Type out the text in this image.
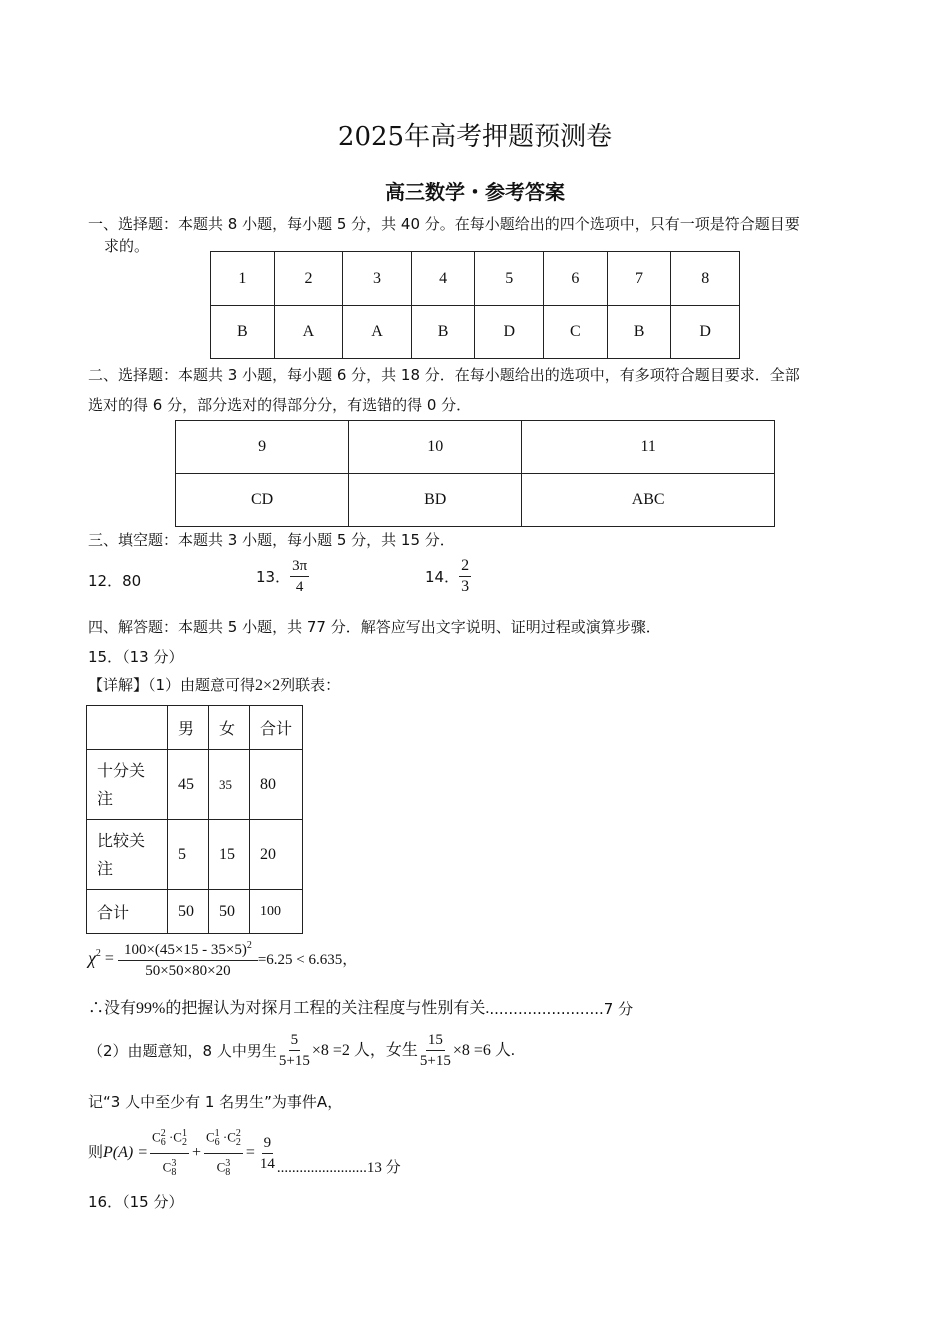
2025年高考押题预测卷
高三数学・参考答案
一、选择题：本题共 8 小题，每小题 5 分，共 40 分。在每小题给出的四个选项中，只有一项是符合题目要
求的。
1	2	3	4	5	6	7	8
B	A	A	B	D	C	B	D
二、选择题：本题共 3 小题，每小题 6 分，共 18 分．在每小题给出的选项中，有多项符合题目要求．全部
选对的得 6 分，部分选对的得部分分，有选错的得 0 分．
9	10	11
CD	BD	ABC
三、填空题：本题共 3 小题，每小题 5 分，共 15 分．
12．80	13． $\frac{3\pi}{4}$	14． $\frac{2}{3}$
四、解答题：本题共 5 小题，共 77 分．解答应写出文字说明、证明过程或演算步骤．
15．（13 分）
【详解】（1）由题意可得2×2列联表：
	男	女	合计

十分关注	45	35	80

比较关注	5	15	20
合计	50	50	100
χ $2 = \frac{100\times(45\times 15 - 35\times 5)^2}{50\times 50\times 80\times 20} =6.25 < 6.635$，
∴没有99%的把握认为对探月工程的关注程度与性别有关. ........................7 分
（2）由题意知，8 人中男生 $\frac{5}{5+15} \times 8 =2$ 人，女生 $\frac{15}{5+15} \times 8 =6$ 人.
记“3 人中至少有 1 名男生”为事件A，
则 $P(A) = \frac{C_6^2 \cdot C_2^1}{C_8^3} + \frac{C_6^1 \cdot C_2^2}{C_8^3} = \frac{9}{14} ........................13$ 分
16．（15 分）
